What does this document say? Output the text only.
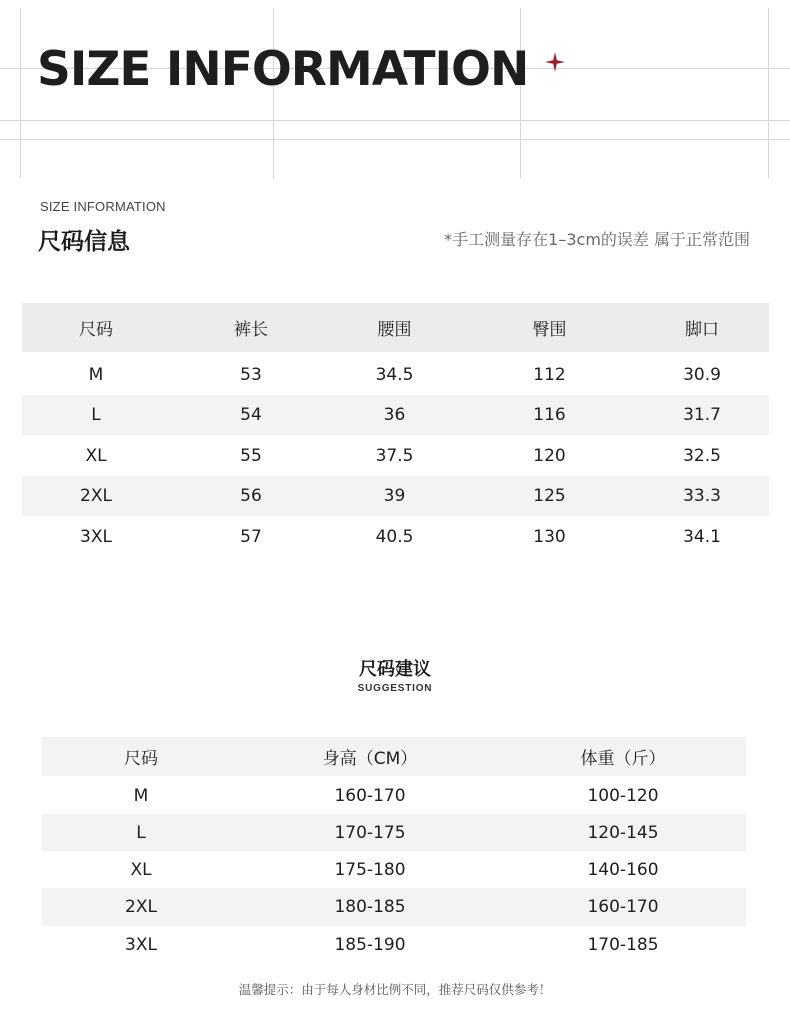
SIZE INFORMATION
SIZE INFORMATION
尺码信息	*手工测量存在1–3cm的误差 属于正常范围
尺码	裤长	腰围	臀围	脚口
M	53	34.5	112	30.9
L	54	36	116	31.7
XL	55	37.5	120	32.5
2XL	56	39	125	33.3
3XL	57	40.5	130	34.1
尺码建议
SUGGESTION
尺码	身高（CM）	体重（斤）
M	160-170	100-120
L	170-175	120-145
XL	175-180	140-160
2XL	180-185	160-170
3XL	185-190	170-185
温馨提示：由于每人身材比例不同，推荐尺码仅供参考！
